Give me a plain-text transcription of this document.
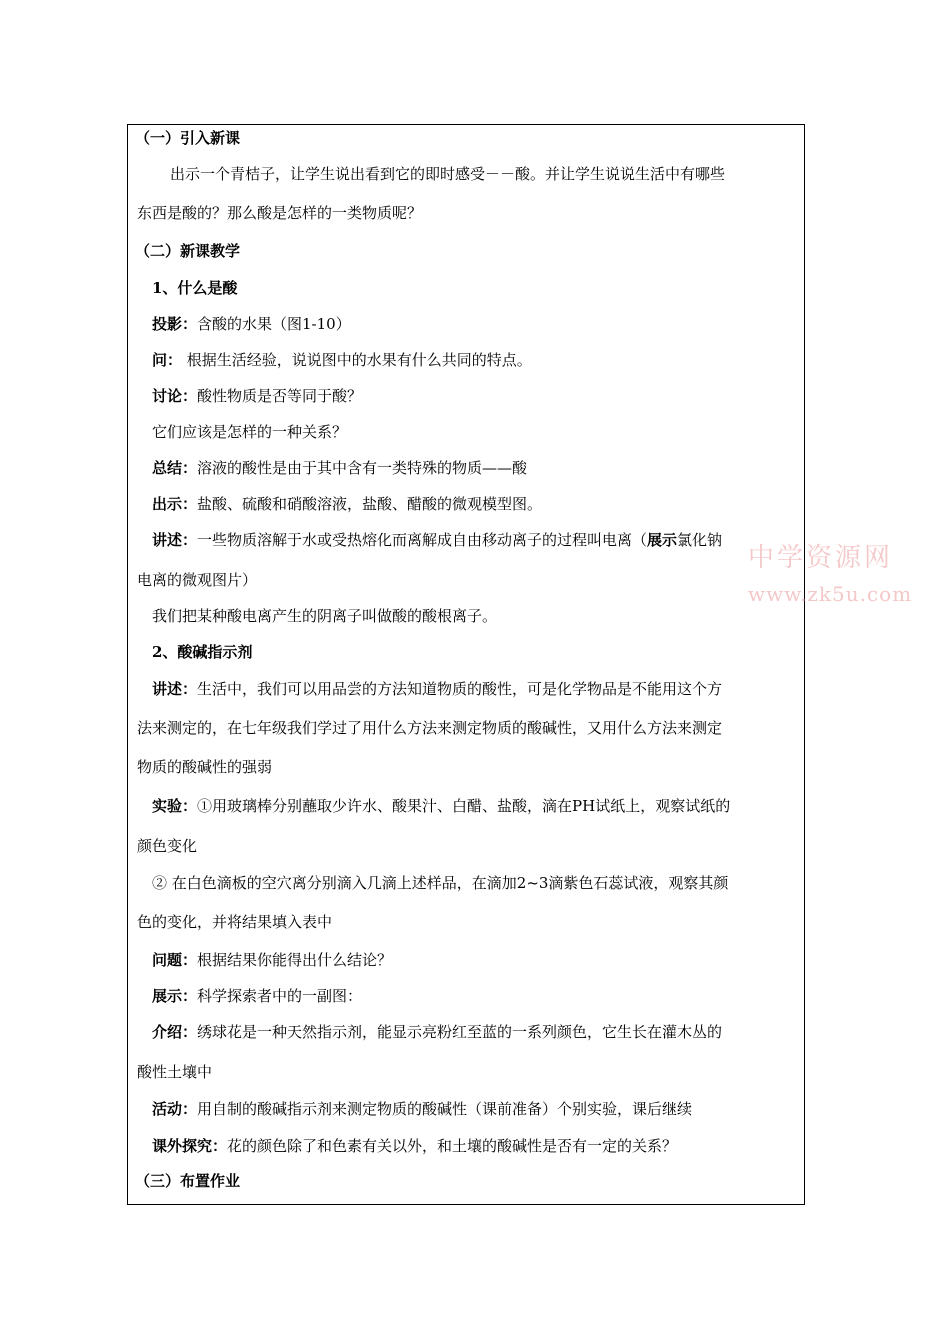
（一）引入新课
出示一个青桔子，让学生说出看到它的即时感受－－酸。并让学生说说生活中有哪些
东西是酸的？那么酸是怎样的一类物质呢？
（二）新课教学
1、什么是酸
投影：含酸的水果（图1-10）
问： 根据生活经验，说说图中的水果有什么共同的特点。
讨论：酸性物质是否等同于酸？
它们应该是怎样的一种关系？
总结：溶液的酸性是由于其中含有一类特殊的物质——酸
出示：盐酸、硫酸和硝酸溶液，盐酸、醋酸的微观模型图。
讲述：一些物质溶解于水或受热熔化而离解成自由移动离子的过程叫电离（展示氯化钠
电离的微观图片）
我们把某种酸电离产生的阴离子叫做酸的酸根离子。
2、酸碱指示剂
讲述：生活中，我们可以用品尝的方法知道物质的酸性，可是化学物品是不能用这个方
法来测定的，在七年级我们学过了用什么方法来测定物质的酸碱性，又用什么方法来测定
物质的酸碱性的强弱
实验：①用玻璃棒分别蘸取少许水、酸果汁、白醋、盐酸，滴在PH试纸上，观察试纸的
颜色变化
② 在白色滴板的空穴离分别滴入几滴上述样品，在滴加2~3滴紫色石蕊试液，观察其颜
色的变化，并将结果填入表中
问题：根据结果你能得出什么结论？
展示：科学探索者中的一副图：
介绍：绣球花是一种天然指示剂，能显示亮粉红至蓝的一系列颜色，它生长在灌木丛的
酸性土壤中
活动：用自制的酸碱指示剂来测定物质的酸碱性（课前准备）个别实验，课后继续
课外探究：花的颜色除了和色素有关以外，和土壤的酸碱性是否有一定的关系？
（三）布置作业
中学资源网
www.zk5u.com
